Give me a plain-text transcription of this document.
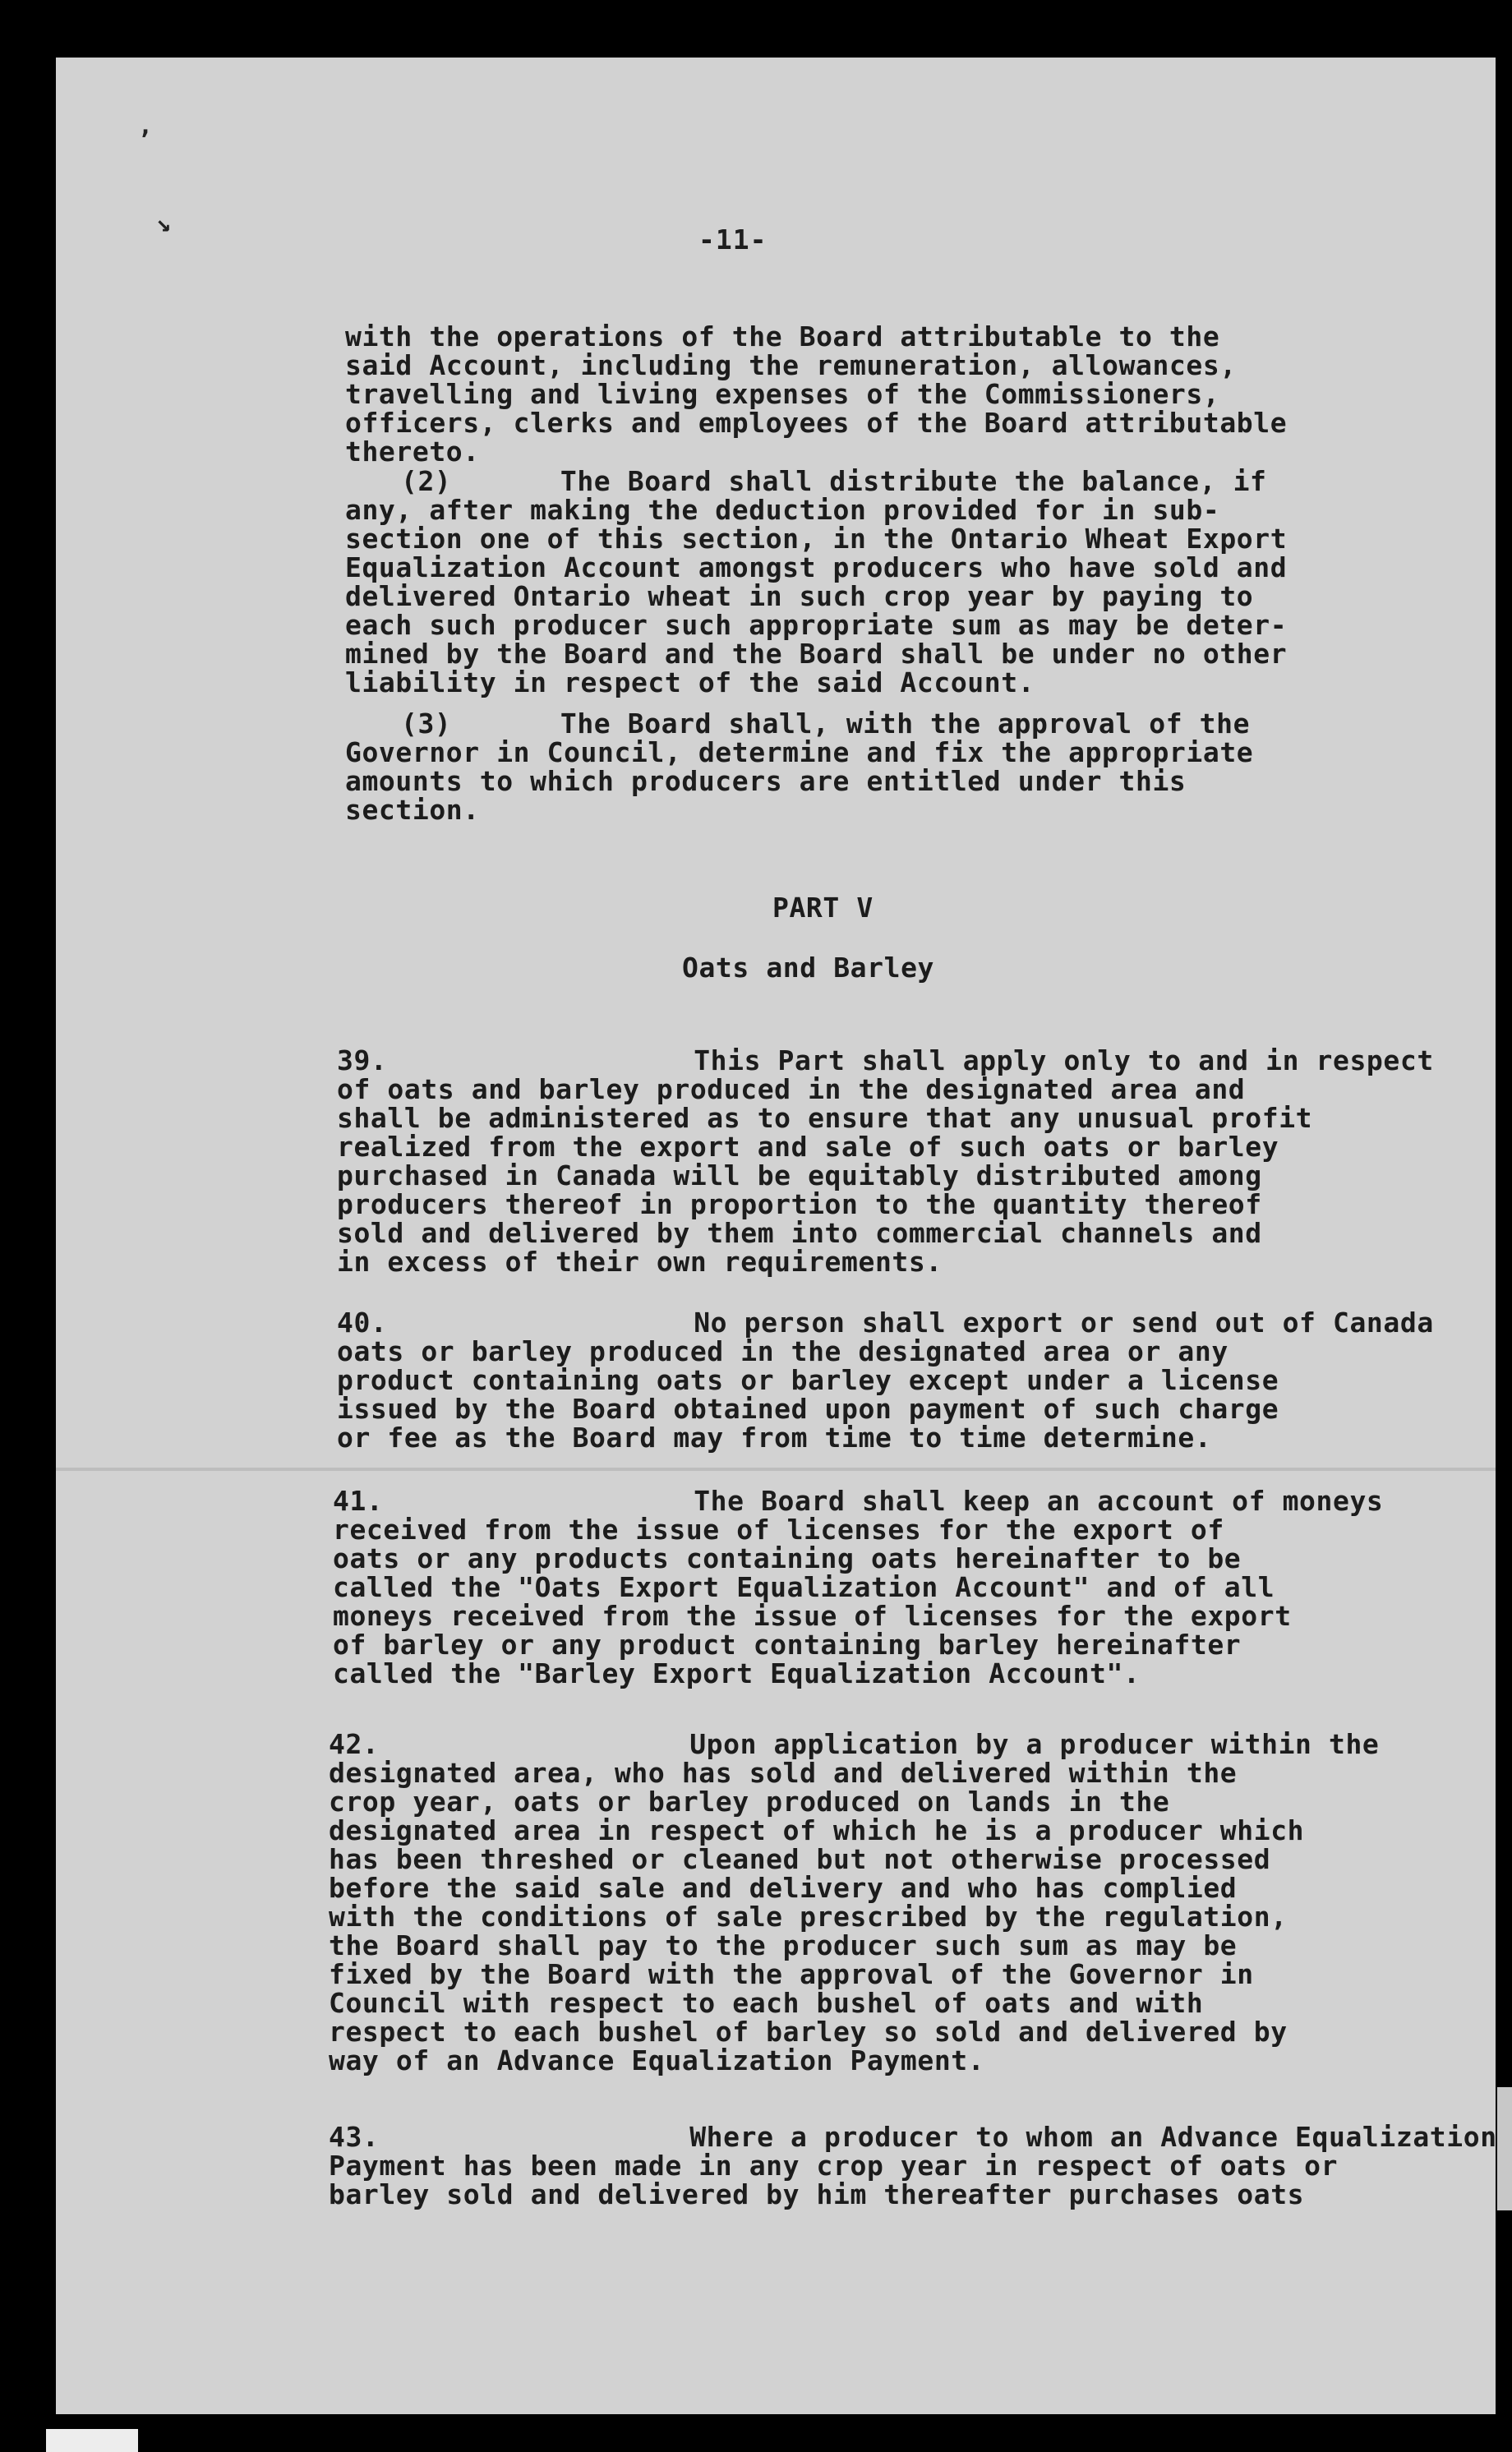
,
↘
-11-
with the operations of the Board attributable to the
said Account, including the remuneration, allowances,
travelling and living expenses of the Commissioners,
officers, clerks and employees of the Board attributable
thereto.
(2) The Board shall distribute the balance, if
any, after making the deduction provided for in sub-
section one of this section, in the Ontario Wheat Export
Equalization Account amongst producers who have sold and
delivered Ontario wheat in such crop year by paying to
each such producer such appropriate sum as may be deter-
mined by the Board and the Board shall be under no other
liability in respect of the said Account.
(3) The Board shall, with the approval of the
Governor in Council, determine and fix the appropriate
amounts to which producers are entitled under this
section.
PART V
Oats and Barley
39.	This Part shall apply only to and in respect
of oats and barley produced in the designated area and
shall be administered as to ensure that any unusual profit
realized from the export and sale of such oats or barley
purchased in Canada will be equitably distributed among
producers thereof in proportion to the quantity thereof
sold and delivered by them into commercial channels and
in excess of their own requirements.
40.	No person shall export or send out of Canada
oats or barley produced in the designated area or any
product containing oats or barley except under a license
issued by the Board obtained upon payment of such charge
or fee as the Board may from time to time determine.
41.	The Board shall keep an account of moneys
received from the issue of licenses for the export of
oats or any products containing oats hereinafter to be
called the "Oats Export Equalization Account" and of all
moneys received from the issue of licenses for the export
of barley or any product containing barley hereinafter
called the "Barley Export Equalization Account".
42.	Upon application by a producer within the
designated area, who has sold and delivered within the
crop year, oats or barley produced on lands in the
designated area in respect of which he is a producer which
has been threshed or cleaned but not otherwise processed
before the said sale and delivery and who has complied
with the conditions of sale prescribed by the regulation,
the Board shall pay to the producer such sum as may be
fixed by the Board with the approval of the Governor in
Council with respect to each bushel of oats and with
respect to each bushel of barley so sold and delivered by
way of an Advance Equalization Payment.
43.	Where a producer to whom an Advance Equalization
Payment has been made in any crop year in respect of oats or
barley sold and delivered by him thereafter purchases oats
